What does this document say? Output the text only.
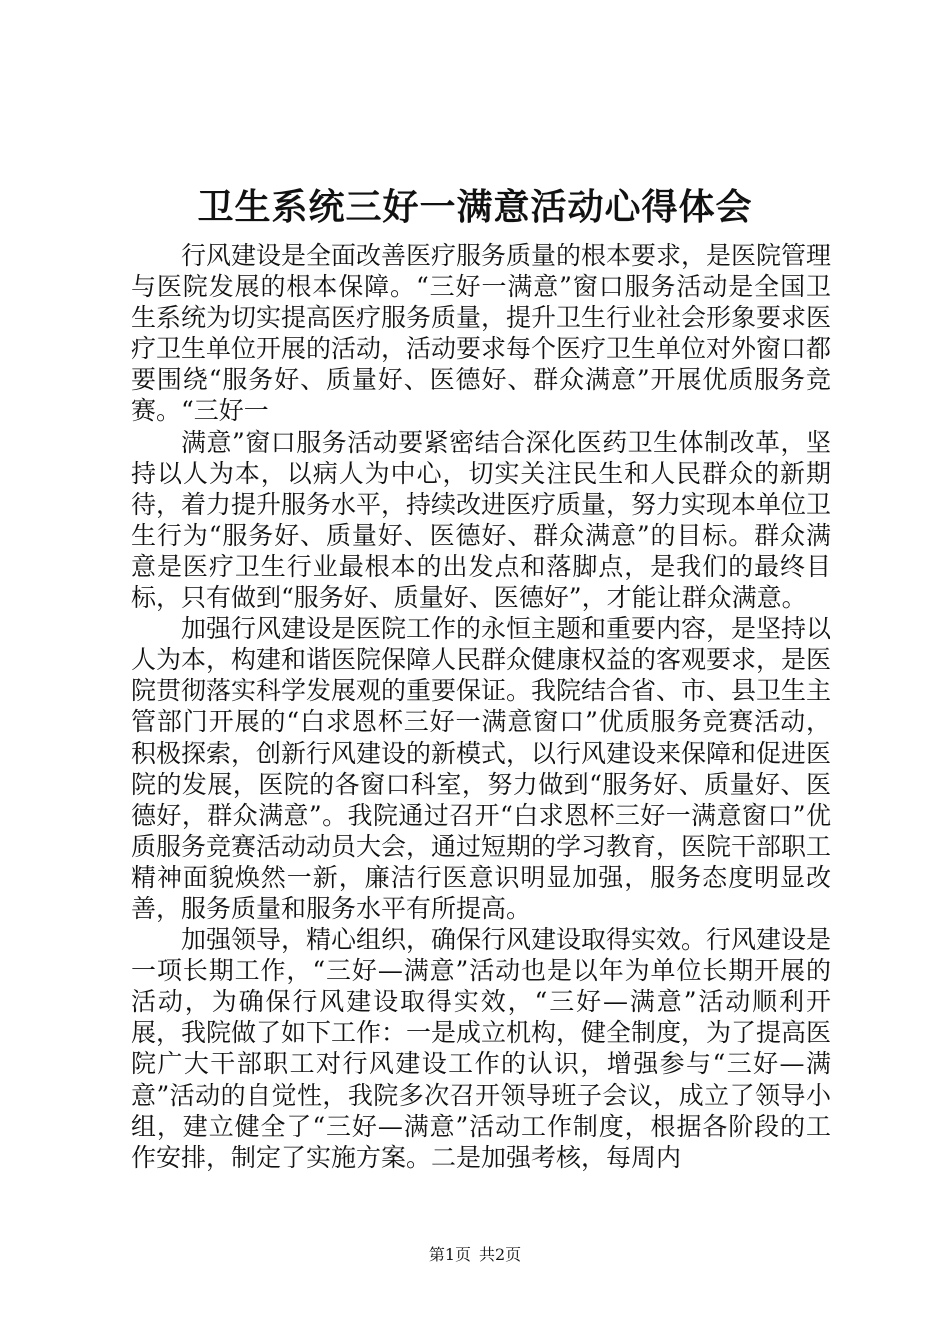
卫生系统三好一满意活动心得体会

行风建设是全面改善医疗服务质量的根本要求，是医院管理与医院发展的根本保障。“三好一满意”窗口服务活动是全国卫生系统为切实提高医疗服务质量，提升卫生行业社会形象要求医疗卫生单位开展的活动，活动要求每个医疗卫生单位对外窗口都要围绕“服务好、质量好、医德好、群众满意”开展优质服务竞赛。“三好一

满意”窗口服务活动要紧密结合深化医药卫生体制改革，坚持以人为本，以病人为中心，切实关注民生和人民群众的新期待，着力提升服务水平，持续改进医疗质量，努力实现本单位卫生行为“服务好、质量好、医德好、群众满意”的目标。群众满意是医疗卫生行业最根本的出发点和落脚点，是我们的最终目标，只有做到“服务好、质量好、医德好”，才能让群众满意。

加强行风建设是医院工作的永恒主题和重要内容，是坚持以人为本，构建和谐医院保障人民群众健康权益的客观要求，是医院贯彻落实科学发展观的重要保证。我院结合省、市、县卫生主管部门开展的“白求恩杯三好一满意窗口”优质服务竞赛活动，积极探索，创新行风建设的新模式，以行风建设来保障和促进医院的发展，医院的各窗口科室，努力做到“服务好、质量好、医德好，群众满意”。我院通过召开“白求恩杯三好一满意窗口”优质服务竞赛活动动员大会，通过短期的学习教育，医院干部职工精神面貌焕然一新，廉洁行医意识明显加强，服务态度明显改善，服务质量和服务水平有所提高。

加强领导，精心组织，确保行风建设取得实效。行风建设是一项长期工作，“三好—满意”活动也是以年为单位长期开展的活动，为确保行风建设取得实效，“三好—满意”活动顺利开展，我院做了如下工作：一是成立机构，健全制度，为了提高医院广大干部职工对行风建设工作的认识，增强参与“三好—满意”活动的自觉性，我院多次召开领导班子会议，成立了领导小组，建立健全了“三好—满意”活动工作制度，根据各阶段的工作安排，制定了实施方案。二是加强考核，每周内

第1页 共2页
